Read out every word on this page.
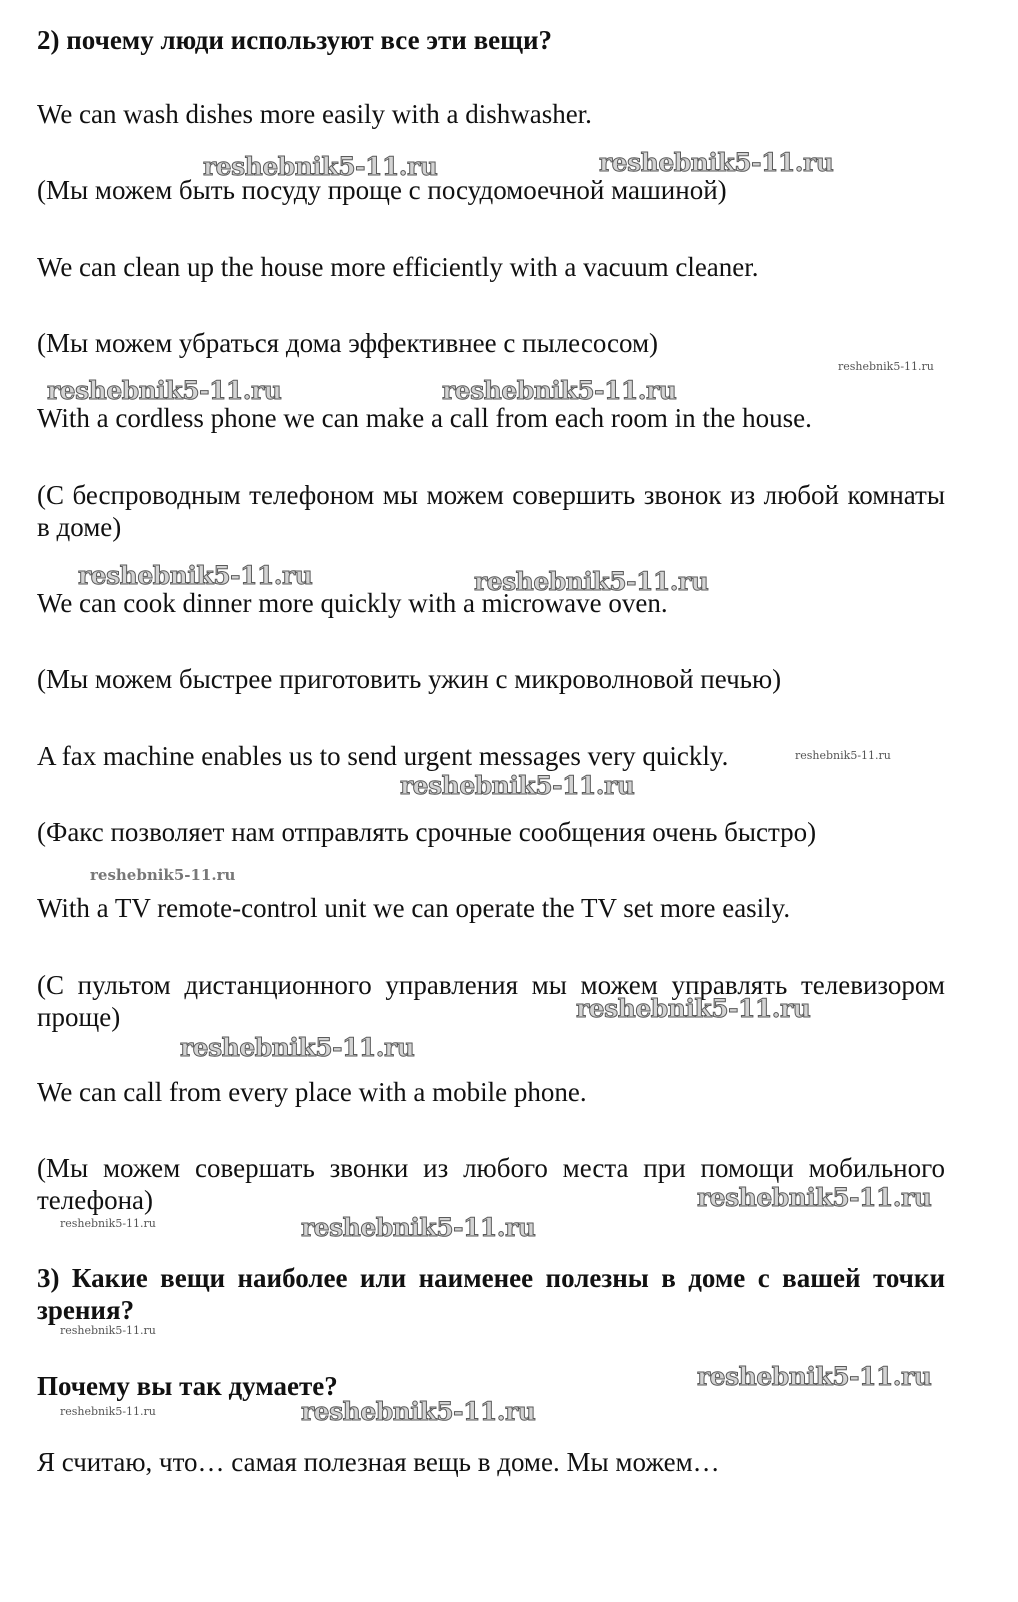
2) почему люди используют все эти вещи?
We can wash dishes more easily with a dishwasher.
(Мы можем быть посуду проще с посудомоечной машиной)
We can clean up the house more efficiently with a vacuum cleaner.
(Мы можем убраться дома эффективнее с пылесосом)
With a cordless phone we can make a call from each room in the house.
(С беспроводным телефоном мы можем совершить звонок из любой комнаты в доме)
We can cook dinner more quickly with a microwave oven.
(Мы можем быстрее приготовить ужин с микроволновой печью)
A fax machine enables us to send urgent messages very quickly.
(Факс позволяет нам отправлять срочные сообщения очень быстро)
With a TV remote-control unit we can operate the TV set more easily.
(С пультом дистанционного управления мы можем управлять телевизором проще)
We can call from every place with a mobile phone.
(Мы можем совершать звонки из любого места при помощи мобильного телефона)
3) Какие вещи наиболее или наименее полезны в доме с вашей точки зрения?
Почему вы так думаете?
Я считаю, что… самая полезная вещь в доме. Мы можем…
reshebnik5-11.ru	reshebnik5-11.ru
reshebnik5-11.ru	reshebnik5-11.ru
reshebnik5-11.ru	reshebnik5-11.ru
reshebnik5-11.ru
reshebnik5-11.ru
reshebnik5-11.ru
reshebnik5-11.ru
reshebnik5-11.ru
reshebnik5-11.ru
reshebnik5-11.ru
reshebnik5-11.ru
reshebnik5-11.ru
reshebnik5-11.ru
reshebnik5-11.ru
reshebnik5-11.ru
reshebnik5-11.ru
